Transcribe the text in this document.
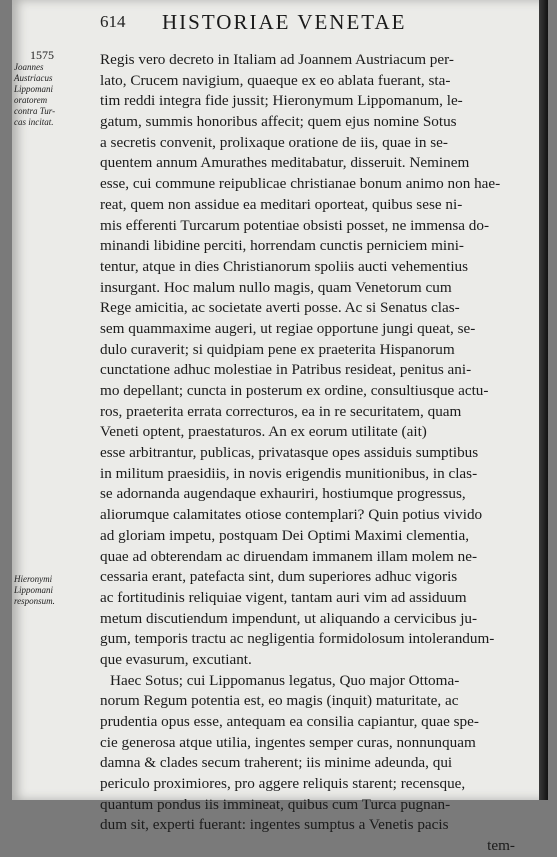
614 HISTORIAE VENETAE
1575
Joannes
Austriacus
Lippomani
oratorem
contra Tur-
cas incitat.
Hieronymi
Lippomani
responsum.
Regis vero decreto in Italiam ad Joannem Austriacum per-
lato, Crucem navigium, quaeque ex eo ablata fuerant, sta-
tim reddi integra fide jussit; Hieronymum Lippomanum, le-
gatum, summis honoribus affecit; quem ejus nomine Sotus
a secretis convenit, prolixaque oratione de iis, quae in se-
quentem annum Amurathes meditabatur, disseruit. Neminem
esse, cui commune reipublicae christianae bonum animo non hae-
reat, quem non assidue ea meditari oporteat, quibus sese ni-
mis efferenti Turcarum potentiae obsisti posset, ne immensa do-
minandi libidine perciti, horrendam cunctis perniciem mini-
tentur, atque in dies Christianorum spoliis aucti vehementius
insurgant. Hoc malum nullo magis, quam Venetorum cum
Rege amicitia, ac societate averti posse. Ac si Senatus clas-
sem quammaxime augeri, ut regiae opportune jungi queat, se-
dulo curaverit; si quidpiam pene ex praeterita Hispanorum
cunctatione adhuc molestiae in Patribus resideat, penitus ani-
mo depellant; cuncta in posterum ex ordine, consultiusque actu-
ros, praeterita errata correcturos, ea in re securitatem, quam
Veneti optent, praestaturos. An ex eorum utilitate (ait)
esse arbitrantur, publicas, privatasque opes assiduis sumptibus
in militum praesidiis, in novis erigendis munitionibus, in clas-
se adornanda augendaque exhauriri, hostiumque progressus,
aliorumque calamitates otiose contemplari? Quin potius vivido
ad gloriam impetu, postquam Dei Optimi Maximi clementia,
quae ad obterendam ac diruendam immanem illam molem ne-
cessaria erant, patefacta sint, dum superiores adhuc vigoris
ac fortitudinis reliquiae vigent, tantam auri vim ad assiduum
metum discutiendum impendunt, ut aliquando a cervicibus ju-
gum, temporis tractu ac negligentia formidolosum intolerandum-
que evasurum, excutiant.
Haec Sotus; cui Lippomanus legatus, Quo major Ottoma-
norum Regum potentia est, eo magis (inquit) maturitate, ac
prudentia opus esse, antequam ea consilia capiantur, quae spe-
cie generosa atque utilia, ingentes semper curas, nonnunquam
damna & clades secum traherent; iis minime adeunda, qui
periculo proximiores, pro aggere reliquis starent; recensque,
quantum pondus iis immineat, quibus cum Turca pugnan-
dum sit, experti fuerant: ingentes sumptus a Venetis pacis
tem-
